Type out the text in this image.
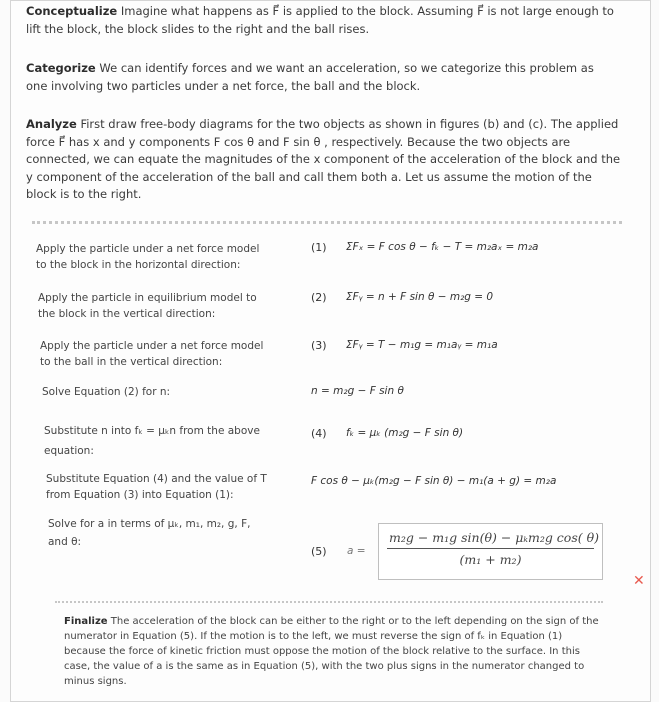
Conceptualize Imagine what happens as F⃗ is applied to the block. Assuming F⃗ is not large enough to lift the block, the block slides to the right and the ball rises.
Categorize We can identify forces and we want an acceleration, so we categorize this problem as one involving two particles under a net force, the ball and the block.
Analyze First draw free-body diagrams for the two objects as shown in figures (b) and (c). The applied force F⃗ has x and y components F cos θ and F sin θ , respectively. Because the two objects are connected, we can equate the magnitudes of the x component of the acceleration of the block and the y component of the acceleration of the ball and call them both a. Let us assume the motion of the block is to the right.
Apply the particle under a net force model to the block in the horizontal direction:
(1) ΣFₓ = F cos θ − fₖ − T = m₂aₓ = m₂a
Apply the particle in equilibrium model to the block in the vertical direction:
(2) ΣFᵧ = n + F sin θ − m₂g = 0
Apply the particle under a net force model to the ball in the vertical direction:
(3) ΣFᵧ = T − m₁g = m₁aᵧ = m₁a
Solve Equation (2) for n:	n = m₂g − F sin θ
Substitute n into fₖ = μₖn from the above equation:
(4) fₖ = μₖ (m₂g − F sin θ)
Substitute Equation (4) and the value of T from Equation (3) into Equation (1):
F cos θ − μₖ(m₂g − F sin θ) − m₁(a + g) = m₂a
Solve for a in terms of μₖ, m₁, m₂, g, F, and θ:
(5) a =
m₂g − m₁g sin(θ) − μₖm₂g cos( θ)
(m₁ + m₂)
✕
Finalize The acceleration of the block can be either to the right or to the left depending on the sign of the numerator in Equation (5). If the motion is to the left, we must reverse the sign of fₖ in Equation (1) because the force of kinetic friction must oppose the motion of the block relative to the surface. In this case, the value of a is the same as in Equation (5), with the two plus signs in the numerator changed to minus signs.
